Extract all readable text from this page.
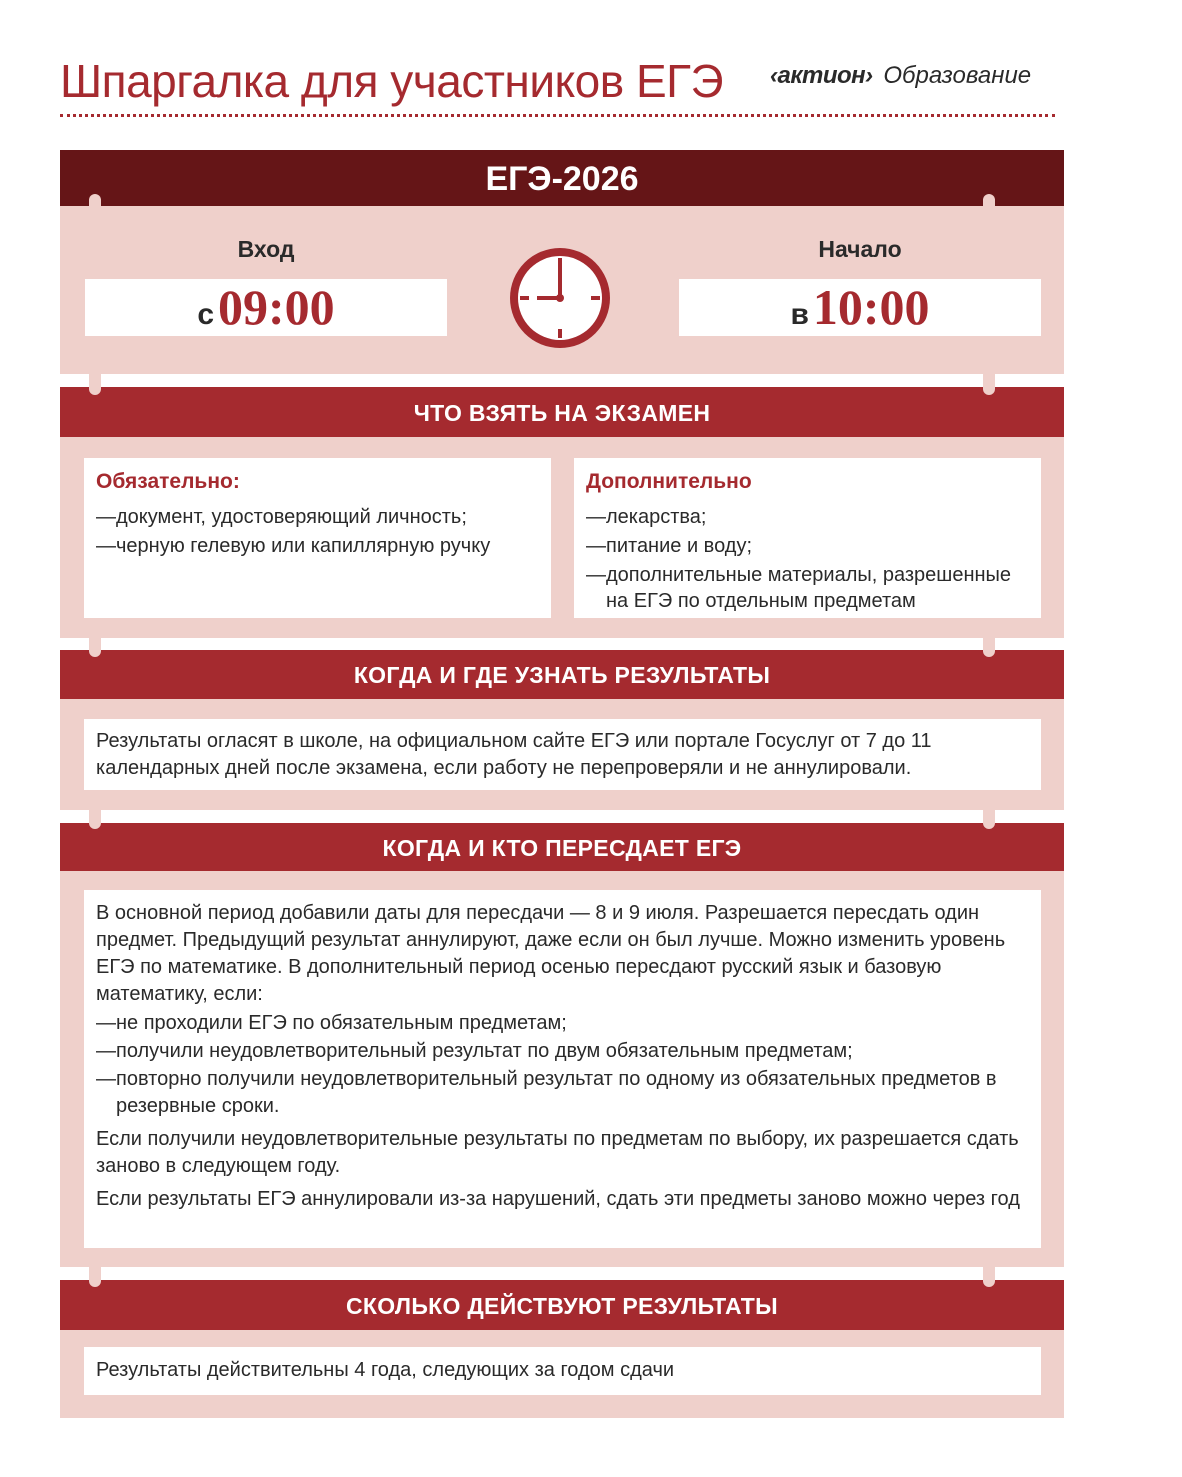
Шпаргалка для участников ЕГЭ ‹актион› Образование
ЕГЭ-2026
Вход
с09:00
Начало
в10:00
ЧТО ВЗЯТЬ НА ЭКЗАМЕН
Обязательно:
— документ, удостоверяющий личность;
— черную гелевую или капиллярную ручку
Дополнительно
— лекарства;
— питание и воду;
— дополнительные материалы, разрешенные на ЕГЭ по отдельным предметам
КОГДА И ГДЕ УЗНАТЬ РЕЗУЛЬТАТЫ

Результаты огласят в школе, на официальном сайте ЕГЭ или портале Госуслуг от 7 до 11 календарных дней после экзамена, если работу не перепроверяли и не аннулировали.

КОГДА И КТО ПЕРЕСДАЕТ ЕГЭ

В основной период добавили даты для пересдачи — 8 и 9 июля. Разрешается пересдать один предмет. Предыдущий результат аннулируют, даже если он был лучше. Можно изменить уровень ЕГЭ по математике. В дополнительный период осенью пересдают русский язык и базовую математику, если:

— не проходили ЕГЭ по обязательным предметам;
— получили неудовлетворительный результат по двум обязательным предметам;
— повторно получили неудовлетворительный результат по одному из обязательных предметов в резервные сроки.

Если получили неудовлетворительные результаты по предметам по выбору, их разрешается сдать заново в следующем году.

Если результаты ЕГЭ аннулировали из-за нарушений, сдать эти предметы заново можно через год

СКОЛЬКО ДЕЙСТВУЮТ РЕЗУЛЬТАТЫ

Результаты действительны 4 года, следующих за годом сдачи
